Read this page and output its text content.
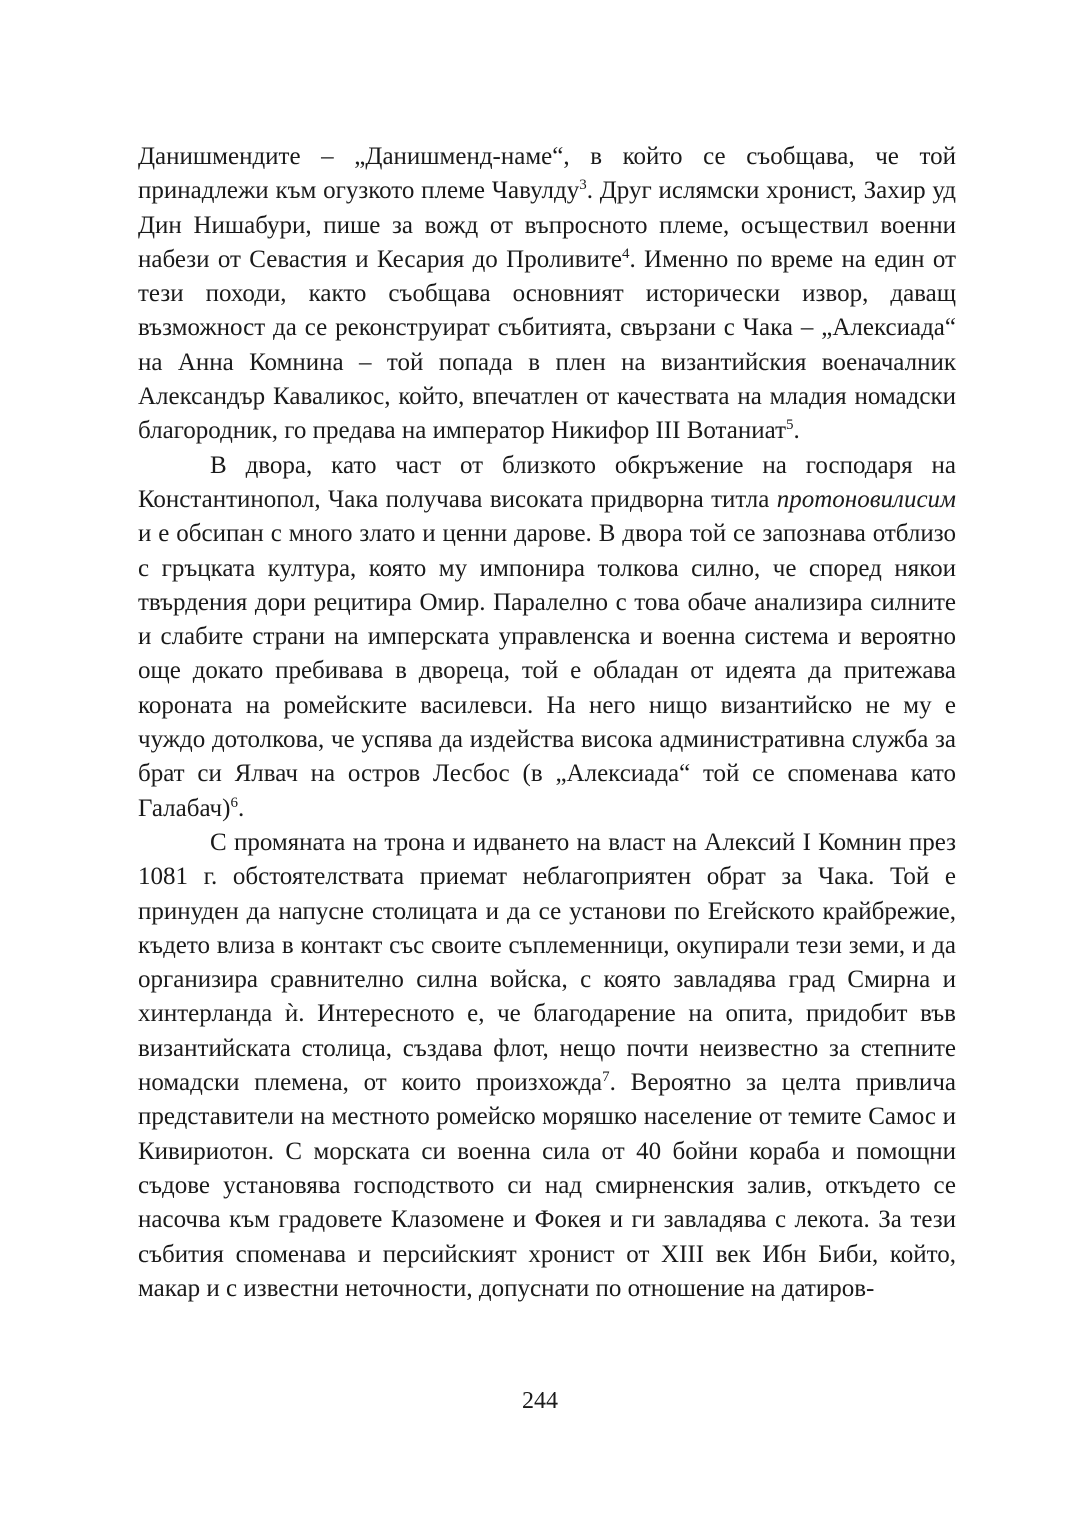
Данишмендите – „Данишменд-наме“, в който се съобщава, че той принадлежи към огузкото племе Чавулду$^3$. Друг ислямски хронист, Захир уд Дин Нишабури, пише за вожд от въпросното племе, осъществил военни набези от Севастия и Кесария до Проливите$^4$. Именно по време на един от тези походи, както съобщава основният исторически извор, даващ възможност да се реконструират събитията, свързани с Чака – „Алексиада“ на Анна Комнина – той попада в плен на византийския военачалник Александър Каваликос, който, впечатлен от качествата на младия номадски благородник, го предава на император Никифор III Вотаниат$^5$.

В двора, като част от близкото обкръжение на господаря на Константинопол, Чака получава високата придворна титла протоновилисим и е обсипан с много злато и ценни дарове. В двора той се запознава отблизо с гръцката култура, която му импонира толкова силно, че според някои твърдения дори рецитира Омир. Паралелно с това обаче анализира силните и слабите страни на имперската управленска и военна система и вероятно още докато пребивава в двореца, той е обладан от идеята да притежава короната на ромейските василевси. На него нищо византийско не му е чуждо дотолкова, че успява да издейства висока административна служба за брат си Ялвач на остров Лесбос (в „Алексиада“ той се споменава като Галабач)$^6$.

С промяната на трона и идването на власт на Алексий I Комнин през 1081 г. обстоятелствата приемат неблагоприятен обрат за Чака. Той е принуден да напусне столицата и да се установи по Егейското крайбрежие, където влиза в контакт със своите съплеменници, окупирали тези земи, и да организира сравнително силна войска, с която завладява град Смирна и хинтерланда ѝ. Интересното е, че благодарение на опита, придобит във византийската столица, създава флот, нещо почти неизвестно за степните номадски племена, от които произхожда$^7$. Вероятно за целта привлича представители на местното ромейско моряшко население от темите Самос и Кивириотон. С морската си военна сила от 40 бойни кораба и помощни съдове установява господството си над смирненския залив, откъдето се насочва към градовете Клазомене и Фокея и ги завладява с лекота. За тези събития споменава и персийският хронист от XIII век Ибн Биби, който, макар и с известни неточности, допуснати по отношение на датиров-

244
